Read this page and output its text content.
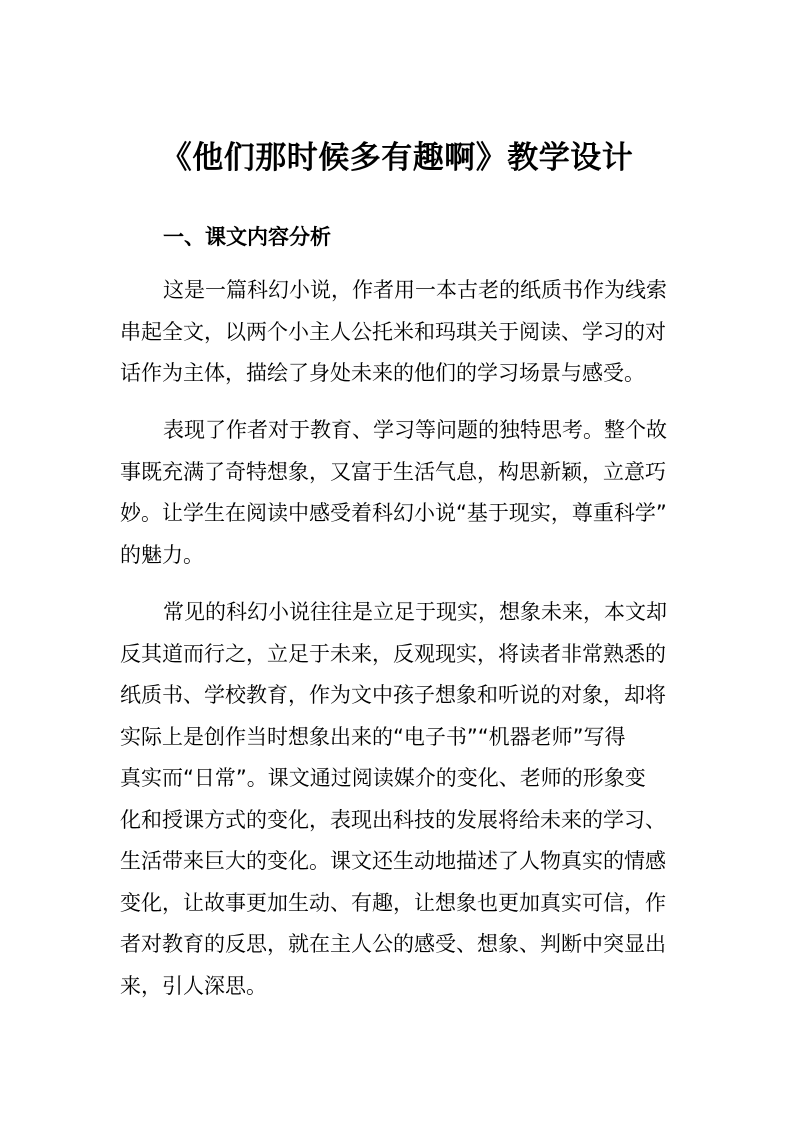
《他们那时候多有趣啊》教学设计
一、课文内容分析

这是一篇科幻小说，作者用一本古老的纸质书作为线索
串起全文，以两个小主人公托米和玛琪关于阅读、学习的对
话作为主体，描绘了身处未来的他们的学习场景与感受。

表现了作者对于教育、学习等问题的独特思考。整个故
事既充满了奇特想象，又富于生活气息，构思新颖，立意巧
妙。让学生在阅读中感受着科幻小说“基于现实，尊重科学”
的魅力。

常见的科幻小说往往是立足于现实，想象未来，本文却
反其道而行之，立足于未来，反观现实，将读者非常熟悉的
纸质书、学校教育，作为文中孩子想象和听说的对象，却将
实际上是创作当时想象出来的“电子书”“机器老师”写得
真实而“日常”。课文通过阅读媒介的变化、老师的形象变
化和授课方式的变化，表现出科技的发展将给未来的学习、
生活带来巨大的变化。课文还生动地描述了人物真实的情感
变化，让故事更加生动、有趣，让想象也更加真实可信，作
者对教育的反思，就在主人公的感受、想象、判断中突显出
来，引人深思。
